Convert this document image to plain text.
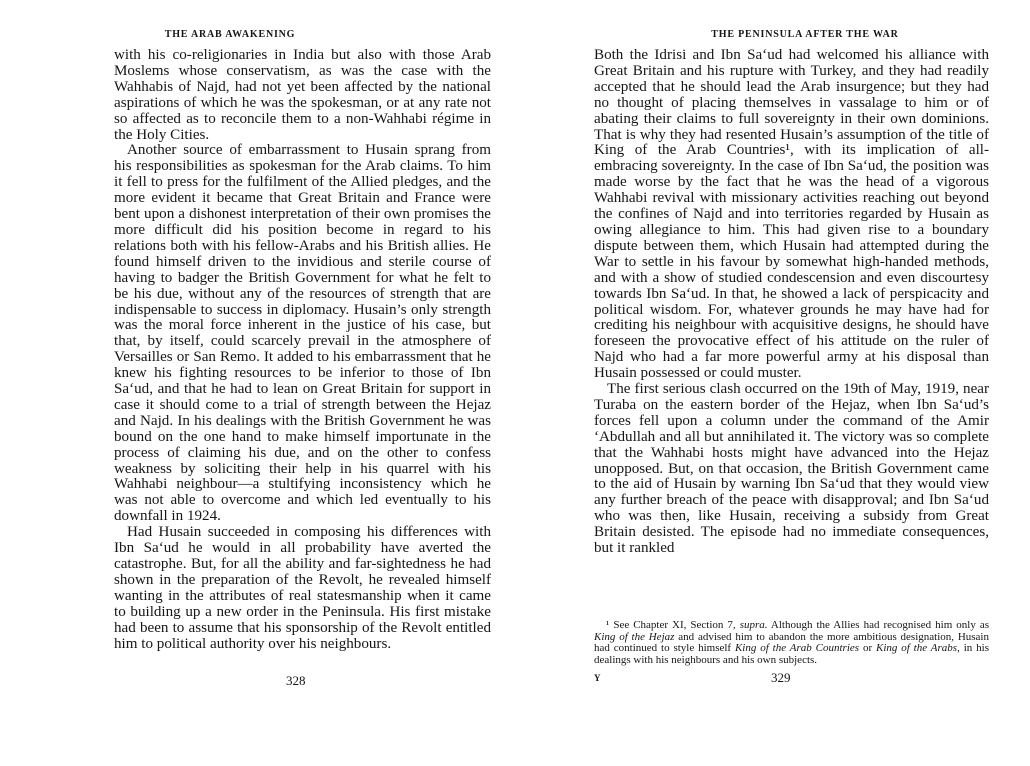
THE ARAB AWAKENING

with his co-religionaries in India but also with those Arab Moslems whose conservatism, as was the case with the Wahhabis of Najd, had not yet been affected by the national aspirations of which he was the spokesman, or at any rate not so affected as to reconcile them to a non-Wahhabi régime in the Holy Cities.

Another source of embarrassment to Husain sprang from his responsibilities as spokesman for the Arab claims. To him it fell to press for the fulfilment of the Allied pledges, and the more evident it became that Great Britain and France were bent upon a dishonest interpretation of their own promises the more difficult did his position become in regard to his relations both with his fellow-Arabs and his British allies. He found himself driven to the invidious and sterile course of having to badger the British Government for what he felt to be his due, without any of the resources of strength that are indispensable to success in diplomacy. Husain’s only strength was the moral force inherent in the justice of his case, but that, by itself, could scarcely prevail in the atmosphere of Versailles or San Remo. It added to his embarrassment that he knew his fighting resources to be inferior to those of Ibn Sa‘ud, and that he had to lean on Great Britain for support in case it should come to a trial of strength between the Hejaz and Najd. In his dealings with the British Government he was bound on the one hand to make himself importunate in the process of claiming his due, and on the other to confess weakness by soliciting their help in his quarrel with his Wahhabi neighbour—a stultifying inconsistency which he was not able to overcome and which led eventually to his downfall in 1924.

Had Husain succeeded in composing his differences with Ibn Sa‘ud he would in all probability have averted the catastrophe. But, for all the ability and far-sightedness he had shown in the preparation of the Revolt, he revealed himself wanting in the attributes of real statesmanship when it came to building up a new order in the Peninsula. His first mistake had been to assume that his sponsorship of the Revolt entitled him to political authority over his neighbours.

328
THE PENINSULA AFTER THE WAR

Both the Idrisi and Ibn Sa‘ud had welcomed his alliance with Great Britain and his rupture with Turkey, and they had readily accepted that he should lead the Arab insurgence; but they had no thought of placing themselves in vassalage to him or of abating their claims to full sovereignty in their own dominions. That is why they had resented Husain’s assumption of the title of King of the Arab Countries¹, with its implication of all-embracing sovereignty. In the case of Ibn Sa‘ud, the position was made worse by the fact that he was the head of a vigorous Wahhabi revival with missionary activities reaching out beyond the confines of Najd and into territories regarded by Husain as owing allegiance to him. This had given rise to a boundary dispute between them, which Husain had attempted during the War to settle in his favour by somewhat high-handed methods, and with a show of studied condescension and even discourtesy towards Ibn Sa‘ud. In that, he showed a lack of perspicacity and political wisdom. For, whatever grounds he may have had for crediting his neighbour with acquisitive designs, he should have foreseen the provocative effect of his attitude on the ruler of Najd who had a far more powerful army at his disposal than Husain possessed or could muster.

The first serious clash occurred on the 19th of May, 1919, near Turaba on the eastern border of the Hejaz, when Ibn Sa‘ud’s forces fell upon a column under the command of the Amir ‘Abdullah and all but annihilated it. The victory was so complete that the Wahhabi hosts might have advanced into the Hejaz unopposed. But, on that occasion, the British Government came to the aid of Husain by warning Ibn Sa‘ud that they would view any further breach of the peace with disapproval; and Ibn Sa‘ud who was then, like Husain, receiving a subsidy from Great Britain desisted. The episode had no immediate consequences, but it rankled

¹ See Chapter XI, Section 7, supra. Although the Allies had recognised him only as King of the Hejaz and advised him to abandon the more ambitious designation, Husain had continued to style himself King of the Arab Countries or King of the Arabs, in his dealings with his neighbours and his own subjects.

Y	329
